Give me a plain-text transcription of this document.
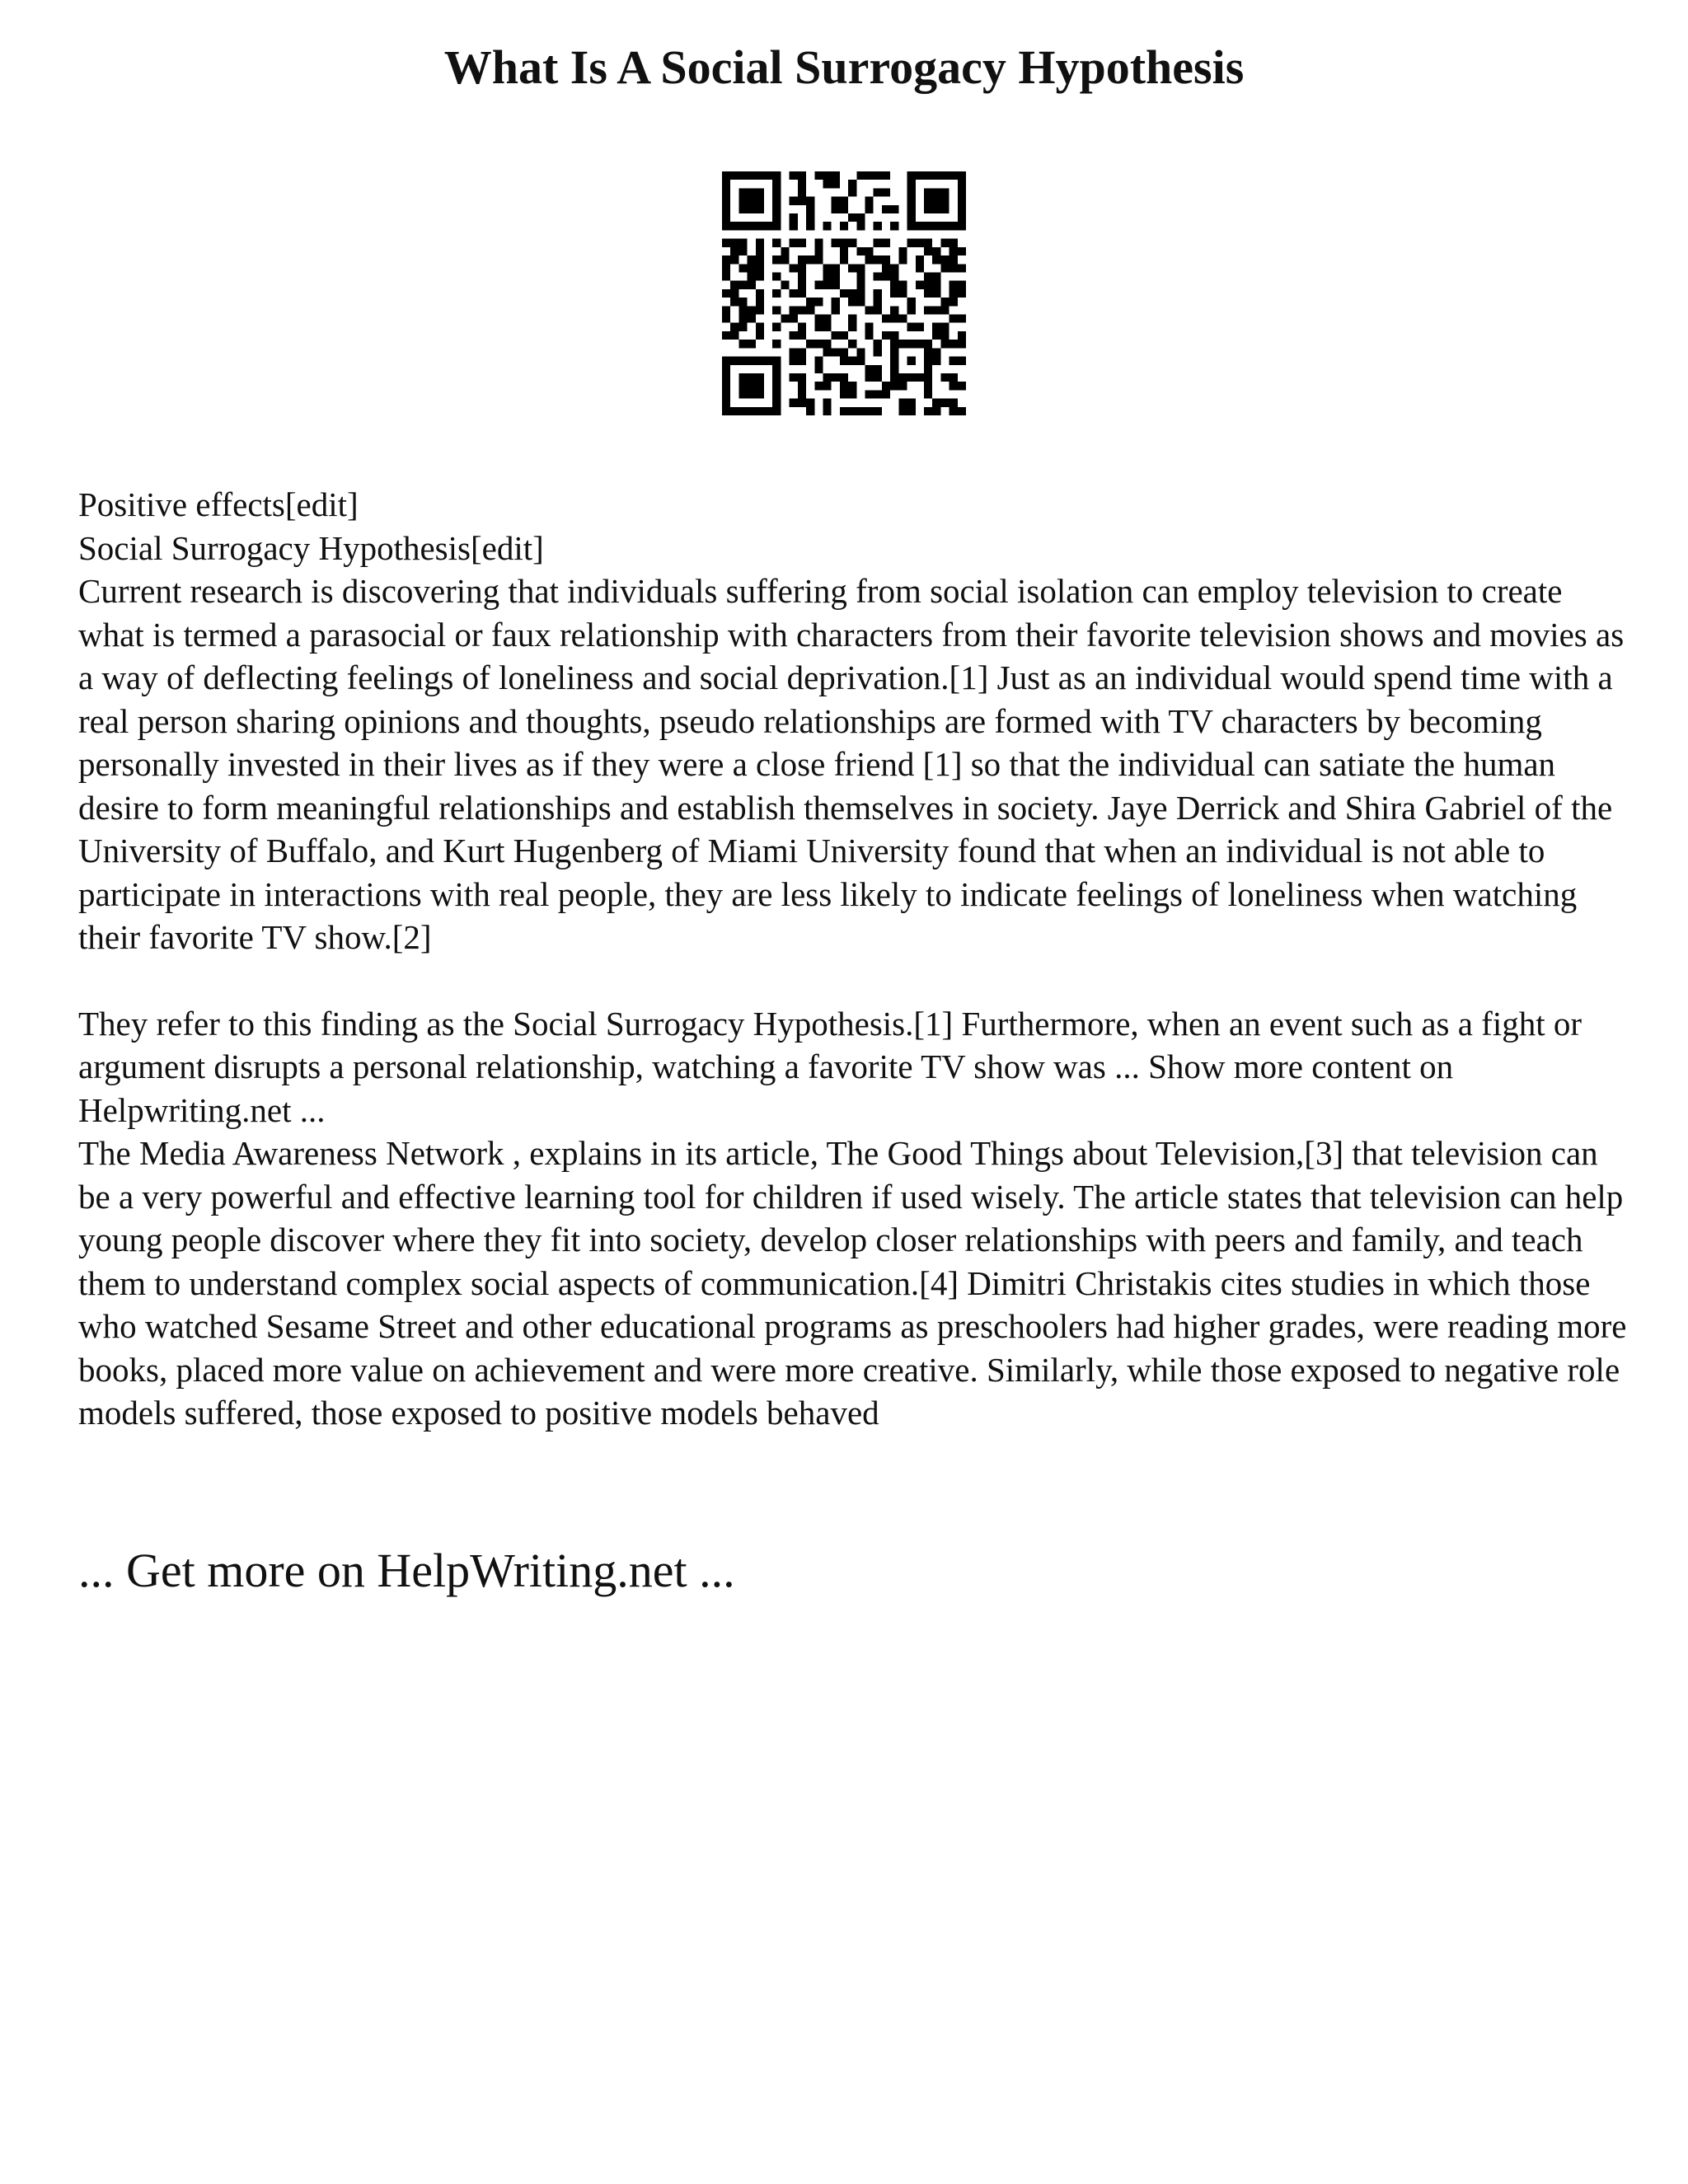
What Is A Social Surrogacy Hypothesis

Positive effects[edit]

Social Surrogacy Hypothesis[edit]

Current research is discovering that individuals suffering from social isolation can employ television to create what is termed a parasocial or faux relationship with characters from their favorite television shows and movies as a way of deflecting feelings of loneliness and social deprivation.[1] Just as an individual would spend time with a real person sharing opinions and thoughts, pseudo relationships are formed with TV characters by becoming personally invested in their lives as if they were a close friend [1] so that the individual can satiate the human desire to form meaningful relationships and establish themselves in society. Jaye Derrick and Shira Gabriel of the University of Buffalo, and Kurt Hugenberg of Miami University found that when an individual is not able to participate in interactions with real people, they are less likely to indicate feelings of loneliness when watching their favorite TV show.[2]

They refer to this finding as the Social Surrogacy Hypothesis.[1] Furthermore, when an event such as a fight or argument disrupts a personal relationship, watching a favorite TV show was ... Show more content on Helpwriting.net ...

The Media Awareness Network , explains in its article, The Good Things about Television,[3] that television can be a very powerful and effective learning tool for children if used wisely. The article states that television can help young people discover where they fit into society, develop closer relationships with peers and family, and teach them to understand complex social aspects of communication.[4] Dimitri Christakis cites studies in which those who watched Sesame Street and other educational programs as preschoolers had higher grades, were reading more books, placed more value on achievement and were more creative. Similarly, while those exposed to negative role models suffered, those exposed to positive models behaved

... Get more on HelpWriting.net ...
